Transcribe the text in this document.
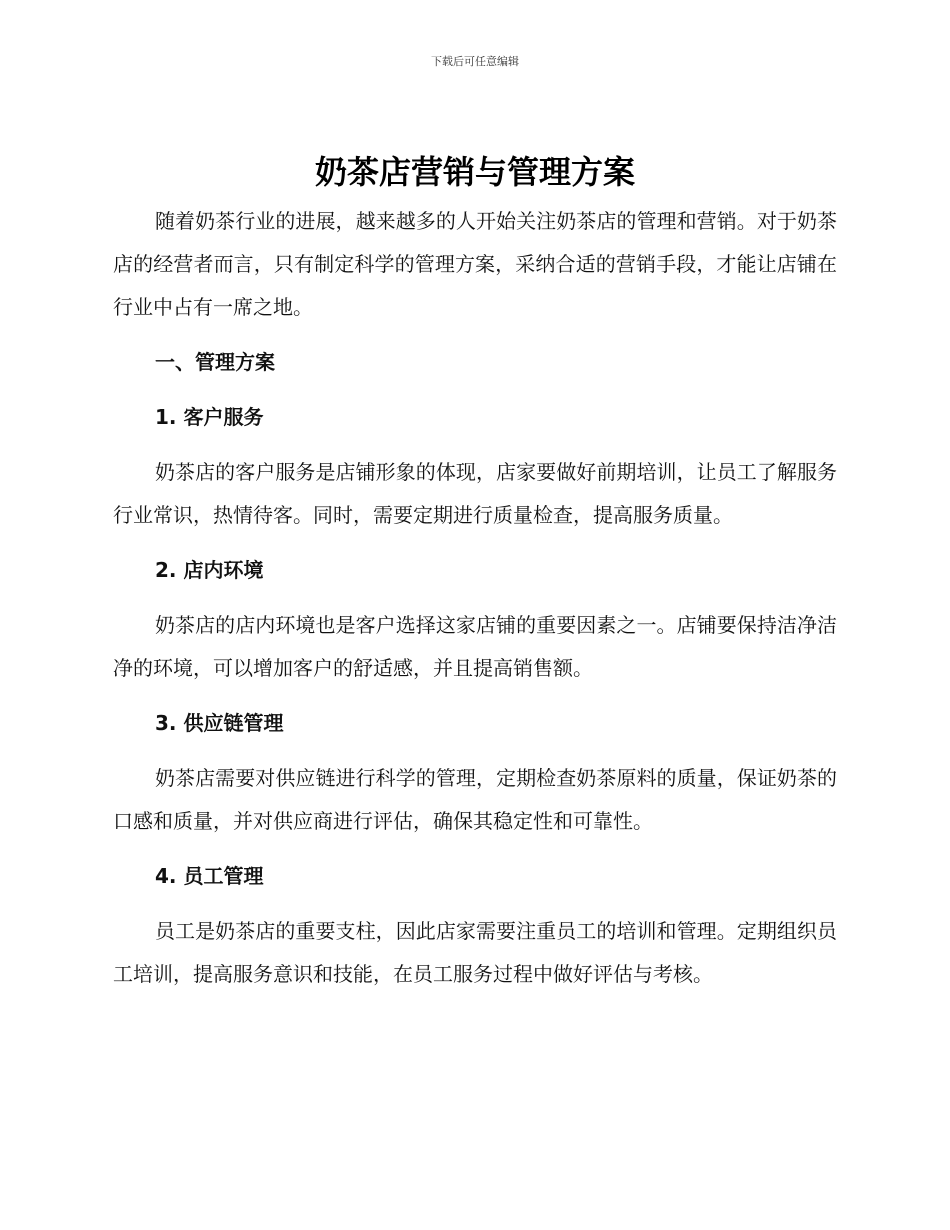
下载后可任意编辑
奶茶店营销与管理方案

随着奶茶行业的进展，越来越多的人开始关注奶茶店的管理和营销。对于奶茶店的经营者而言，只有制定科学的管理方案，采纳合适的营销手段，才能让店铺在行业中占有一席之地。

一、管理方案

1. 客户服务

奶茶店的客户服务是店铺形象的体现，店家要做好前期培训，让员工了解服务行业常识，热情待客。同时，需要定期进行质量检查，提高服务质量。

2. 店内环境

奶茶店的店内环境也是客户选择这家店铺的重要因素之一。店铺要保持洁净洁净的环境，可以增加客户的舒适感，并且提高销售额。

3. 供应链管理

奶茶店需要对供应链进行科学的管理，定期检查奶茶原料的质量，保证奶茶的口感和质量，并对供应商进行评估，确保其稳定性和可靠性。

4. 员工管理

员工是奶茶店的重要支柱，因此店家需要注重员工的培训和管理。定期组织员工培训，提高服务意识和技能，在员工服务过程中做好评估与考核。
